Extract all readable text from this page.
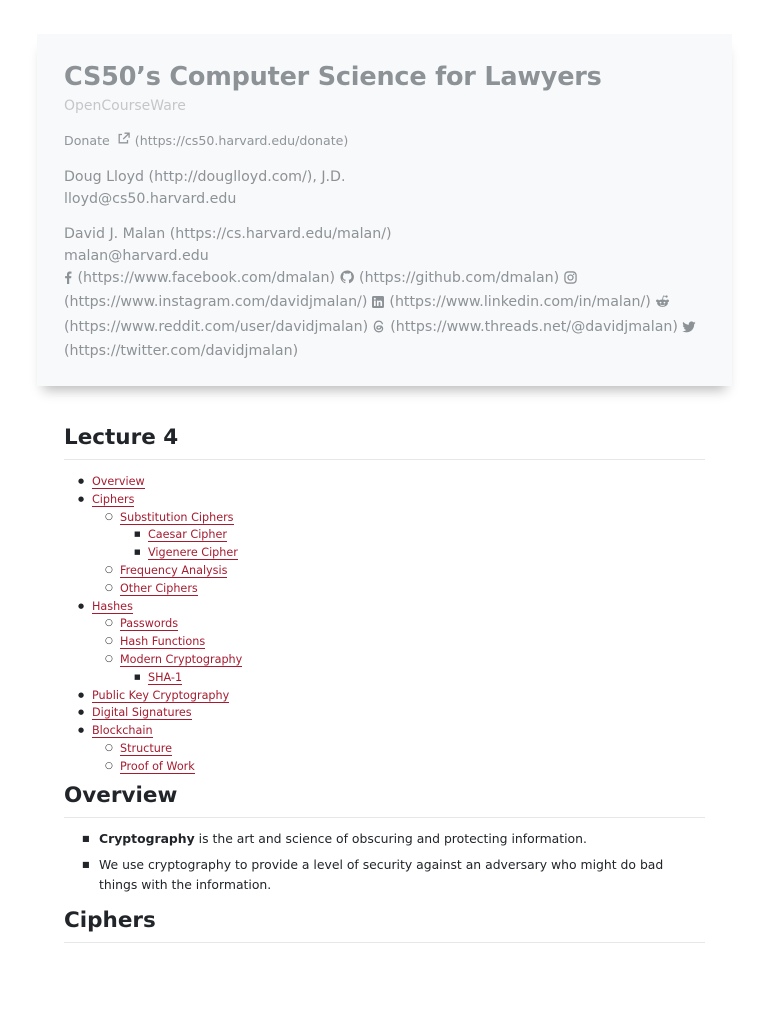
CS50’s Computer Science for Lawyers
OpenCourseWare
Donate (https://cs50.harvard.edu/donate)
Doug Lloyd (http://douglloyd.com/), J.D.
lloyd@cs50.harvard.edu
David J. Malan (https://cs.harvard.edu/malan/)
malan@harvard.edu
(https://www.facebook.com/dmalan) (https://github.com/dmalan)  (https://www.instagram.com/davidjmalan/) (https://www.linkedin.com/in/malan/)  (https://www.reddit.com/user/davidjmalan) (https://www.threads.net/@davidjmalan)  (https://twitter.com/davidjmalan)
Lecture 4
● Overview
● Ciphers
○ Substitution Ciphers
■ Caesar Cipher
■ Vigenere Cipher
○ Frequency Analysis
○ Other Ciphers
● Hashes
○ Passwords
○ Hash Functions
○ Modern Cryptography
■ SHA-1
● Public Key Cryptography
● Digital Signatures
● Blockchain
○ Structure
○ Proof of Work
Overview
■ Cryptography is the art and science of obscuring and protecting information.
■ We use cryptography to provide a level of security against an adversary who might do bad things with the information.
Ciphers
